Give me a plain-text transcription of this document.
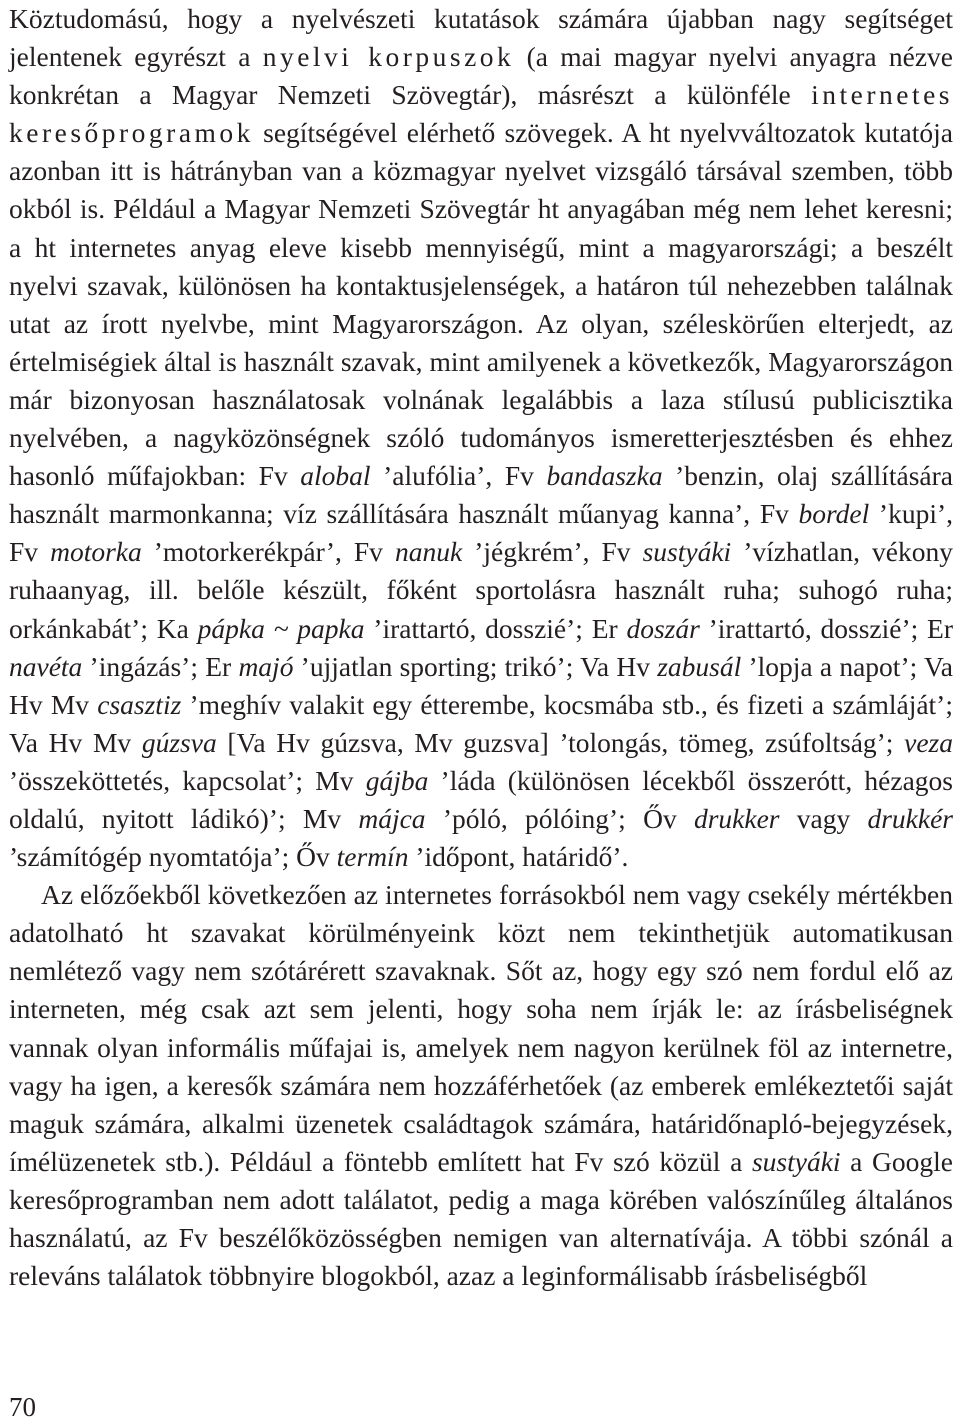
Köztudomású, hogy a nyelvészeti kutatások számára újabban nagy segítséget jelentenek egyrészt a nyelvi korpuszok (a mai magyar nyelvi anyagra nézve konkrétan a Magyar Nemzeti Szövegtár), másrészt a különféle internetes keresőprogramok segítségével elérhető szövegek. A ht nyelvváltozatok kutatója azonban itt is hátrányban van a közmagyar nyelvet vizsgáló társával szemben, több okból is. Például a Magyar Nemzeti Szövegtár ht anyagában még nem lehet keresni; a ht internetes anyag eleve kisebb mennyiségű, mint a magyarországi; a beszélt nyelvi szavak, különösen ha kontaktusjelenségek, a határon túl nehezebben találnak utat az írott nyelvbe, mint Magyarországon. Az olyan, széleskörűen elterjedt, az értelmiségiek által is használt szavak, mint amilyenek a következők, Magyarországon már bizonyosan használatosak volnának legalábbis a laza stílusú publicisztika nyelvében, a nagyközönségnek szóló tudományos ismeretterjesztésben és ehhez hasonló műfajokban: Fv alobal ’alufólia’, Fv bandaszka ’benzin, olaj szállítására használt marmonkanna; víz szállítására használt műanyag kanna’, Fv bordel ’kupi’, Fv motorka ’motorkerékpár’, Fv nanuk ’jégkrém’, Fv sustyáki ’vízhatlan, vékony ruhaanyag, ill. belőle készült, főként sportolásra használt ruha; suhogó ruha; orkánkabát’; Ka pápka ~ papka ’irattartó, dosszié’; Er doszár ’irattartó, dosszié’; Er navéta ’ingázás’; Er majó ’ujjatlan sporting; trikó’; Va Hv zabusál ’lopja a napot’; Va Hv Mv csasztiz ’meghív valakit egy étterembe, kocsmába stb., és fizeti a számláját’; Va Hv Mv gúzsva [Va Hv gúzsva, Mv guzsva] ’tolongás, tömeg, zsúfoltság’; veza ’összeköttetés, kapcsolat’; Mv gájba ’láda (különösen lécekből összerótt, hézagos oldalú, nyitott ládikó)’; Mv májca ’póló, pólóing’; Őv drukker vagy drukkér ’számítógép nyomtatója’; Őv termín ’időpont, határidő’.

Az előzőekből következően az internetes forrásokból nem vagy csekély mértékben adatolható ht szavakat körülményeink közt nem tekinthetjük automatikusan nemlétező vagy nem szótárérett szavaknak. Sőt az, hogy egy szó nem fordul elő az interneten, még csak azt sem jelenti, hogy soha nem írják le: az írásbeliségnek vannak olyan informális műfajai is, amelyek nem nagyon kerülnek föl az internetre, vagy ha igen, a keresők számára nem hozzáférhetőek (az emberek emlékeztetői saját maguk számára, alkalmi üzenetek családtagok számára, határidőnapló-bejegyzések, ímélüzenetek stb.). Például a föntebb említett hat Fv szó közül a sustyáki a Google keresőprogramban nem adott találatot, pedig a maga körében valószínűleg általános használatú, az Fv beszélőközösségben nemigen van alternatívája. A többi szónál a releváns találatok többnyire blogokból, azaz a leginformálisabb írásbeliségből

70
